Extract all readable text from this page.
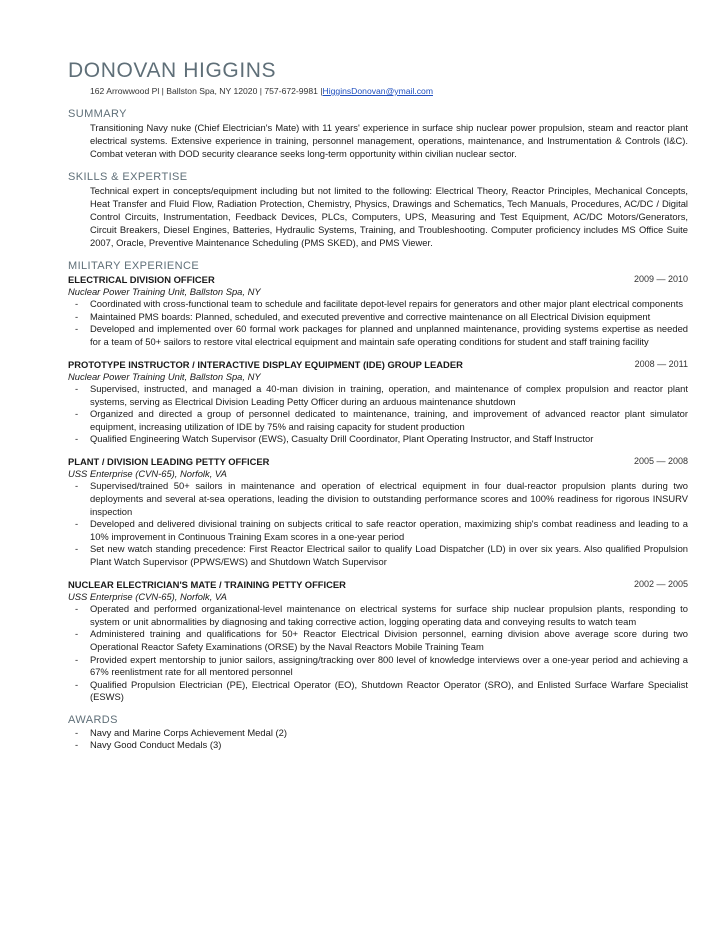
DONOVAN HIGGINS
162 Arrowwood Pl | Ballston Spa, NY 12020 | 757-672-9981 |HigginsDonovan@ymail.com
SUMMARY
Transitioning Navy nuke (Chief Electrician's Mate) with 11 years' experience in surface ship nuclear power propulsion, steam and reactor plant electrical systems. Extensive experience in training, personnel management, operations, maintenance, and Instrumentation & Controls (I&C). Combat veteran with DOD security clearance seeks long-term opportunity within civilian nuclear sector.
SKILLS & EXPERTISE
Technical expert in concepts/equipment including but not limited to the following: Electrical Theory, Reactor Principles, Mechanical Concepts, Heat Transfer and Fluid Flow, Radiation Protection, Chemistry, Physics, Drawings and Schematics, Tech Manuals, Procedures, AC/DC / Digital Control Circuits, Instrumentation, Feedback Devices, PLCs, Computers, UPS, Measuring and Test Equipment, AC/DC Motors/Generators, Circuit Breakers, Diesel Engines, Batteries, Hydraulic Systems, Training, and Troubleshooting. Computer proficiency includes MS Office Suite 2007, Oracle, Preventive Maintenance Scheduling (PMS SKED), and PMS Viewer.
MILITARY EXPERIENCE
ELECTRICAL DIVISION OFFICER	2009 — 2010
Nuclear Power Training Unit, Ballston Spa, NY
- Coordinated with cross-functional team to schedule and facilitate depot-level repairs for generators and other major plant electrical components
- Maintained PMS boards: Planned, scheduled, and executed preventive and corrective maintenance on all Electrical Division equipment
- Developed and implemented over 60 formal work packages for planned and unplanned maintenance, providing systems expertise as needed for a team of 50+ sailors to restore vital electrical equipment and maintain safe operating conditions for student and staff training facility
PROTOTYPE INSTRUCTOR / INTERACTIVE DISPLAY EQUIPMENT (IDE) GROUP LEADER	2008 — 2011
Nuclear Power Training Unit, Ballston Spa, NY
- Supervised, instructed, and managed a 40-man division in training, operation, and maintenance of complex propulsion and reactor plant systems, serving as Electrical Division Leading Petty Officer during an arduous maintenance shutdown
- Organized and directed a group of personnel dedicated to maintenance, training, and improvement of advanced reactor plant simulator equipment, increasing utilization of IDE by 75% and raising capacity for student production
- Qualified Engineering Watch Supervisor (EWS), Casualty Drill Coordinator, Plant Operating Instructor, and Staff Instructor
PLANT / DIVISION LEADING PETTY OFFICER	2005 — 2008
USS Enterprise (CVN-65), Norfolk, VA
- Supervised/trained 50+ sailors in maintenance and operation of electrical equipment in four dual-reactor propulsion plants during two deployments and several at-sea operations, leading the division to outstanding performance scores and 100% readiness for rigorous INSURV inspection
- Developed and delivered divisional training on subjects critical to safe reactor operation, maximizing ship's combat readiness and leading to a 10% improvement in Continuous Training Exam scores in a one-year period
- Set new watch standing precedence: First Reactor Electrical sailor to qualify Load Dispatcher (LD) in over six years. Also qualified Propulsion Plant Watch Supervisor (PPWS/EWS) and Shutdown Watch Supervisor
NUCLEAR ELECTRICIAN'S MATE / TRAINING PETTY OFFICER	2002 — 2005
USS Enterprise (CVN-65), Norfolk, VA
- Operated and performed organizational-level maintenance on electrical systems for surface ship nuclear propulsion plants, responding to system or unit abnormalities by diagnosing and taking corrective action, logging operating data and conveying results to watch team
- Administered training and qualifications for 50+ Reactor Electrical Division personnel, earning division above average score during two Operational Reactor Safety Examinations (ORSE) by the Naval Reactors Mobile Training Team
- Provided expert mentorship to junior sailors, assigning/tracking over 800 level of knowledge interviews over a one-year period and achieving a 67% reenlistment rate for all mentored personnel
- Qualified Propulsion Electrician (PE), Electrical Operator (EO), Shutdown Reactor Operator (SRO), and Enlisted Surface Warfare Specialist (ESWS)
AWARDS
- Navy and Marine Corps Achievement Medal (2)
- Navy Good Conduct Medals (3)
